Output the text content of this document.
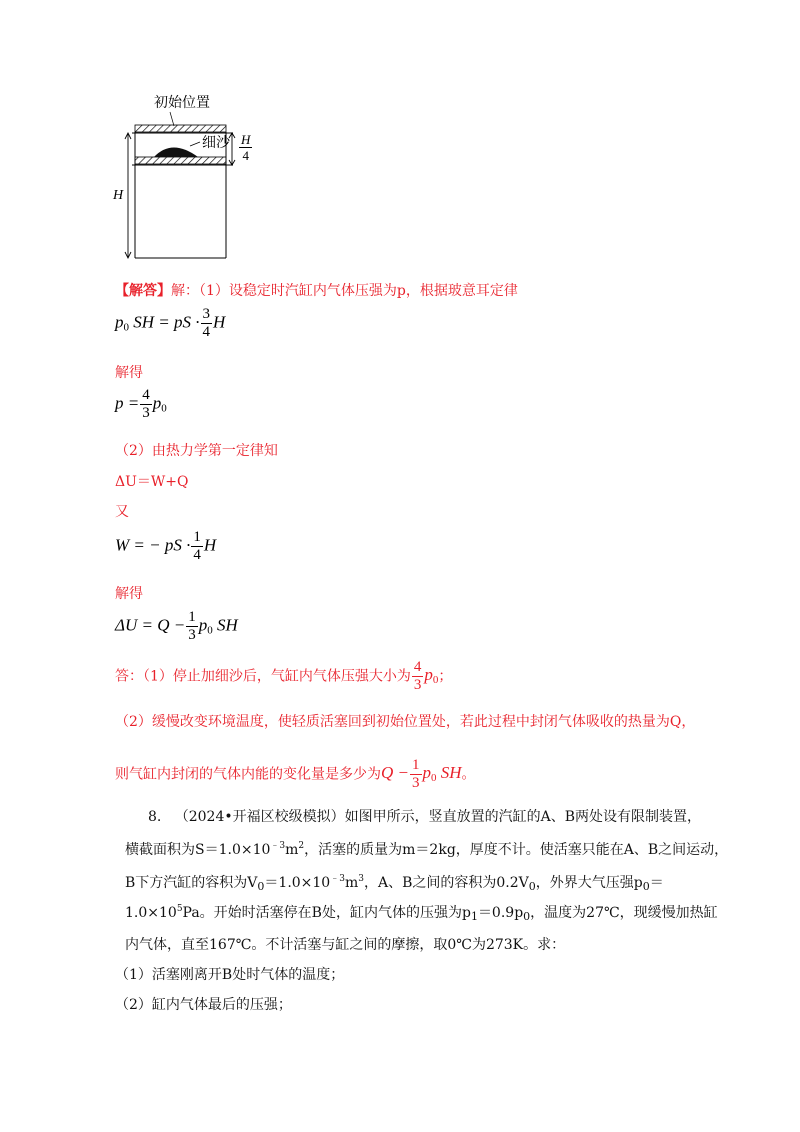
初始位置
细沙 $\frac{H}{4}$
H
【解答】解：（1）设稳定时汽缸内气体压强为p，根据玻意耳定律
$p_0$ SH = pS · $\frac{3}{4}$ H
解得
$p = \frac{4}{3} p_0$
（2）由热力学第一定律知
ΔU＝W+Q
又
W = − pS · $\frac{1}{4}$ H
解得
$\Delta U = Q - \frac{1}{3} p_0$ SH
答：（1）停止加细沙后，气缸内气体压强大小为 $\frac{4}{3} p_0$；
（2）缓慢改变环境温度，使轻质活塞回到初始位置处，若此过程中封闭气体吸收的热量为Q，
则气缸内封闭的气体内能的变化量是多少为$Q - \frac{1}{3} p_0$ SH。
8. （2024•开福区校级模拟）如图甲所示，竖直放置的汽缸的A、B两处设有限制装置，
横截面积为$S=1.0\times 10^{﹣3}m^2$，活塞的质量为m＝2kg，厚度不计。使活塞只能在A、B之间运动，
B下方汽缸的容积为$V_0=1.0\times 10^{﹣3}m^3$，A、B之间的容积为$0.2V_0$，外界大气压强$p_0=$
$1.0\times 10^5Pa$。开始时活塞停在B处，缸内气体的压强为$p_1=0.9p_0$，温度为27℃，现缓慢加热缸
内气体，直至167℃。不计活塞与缸之间的摩擦，取0℃为273K。求：
（1）活塞刚离开B处时气体的温度；
（2）缸内气体最后的压强；
